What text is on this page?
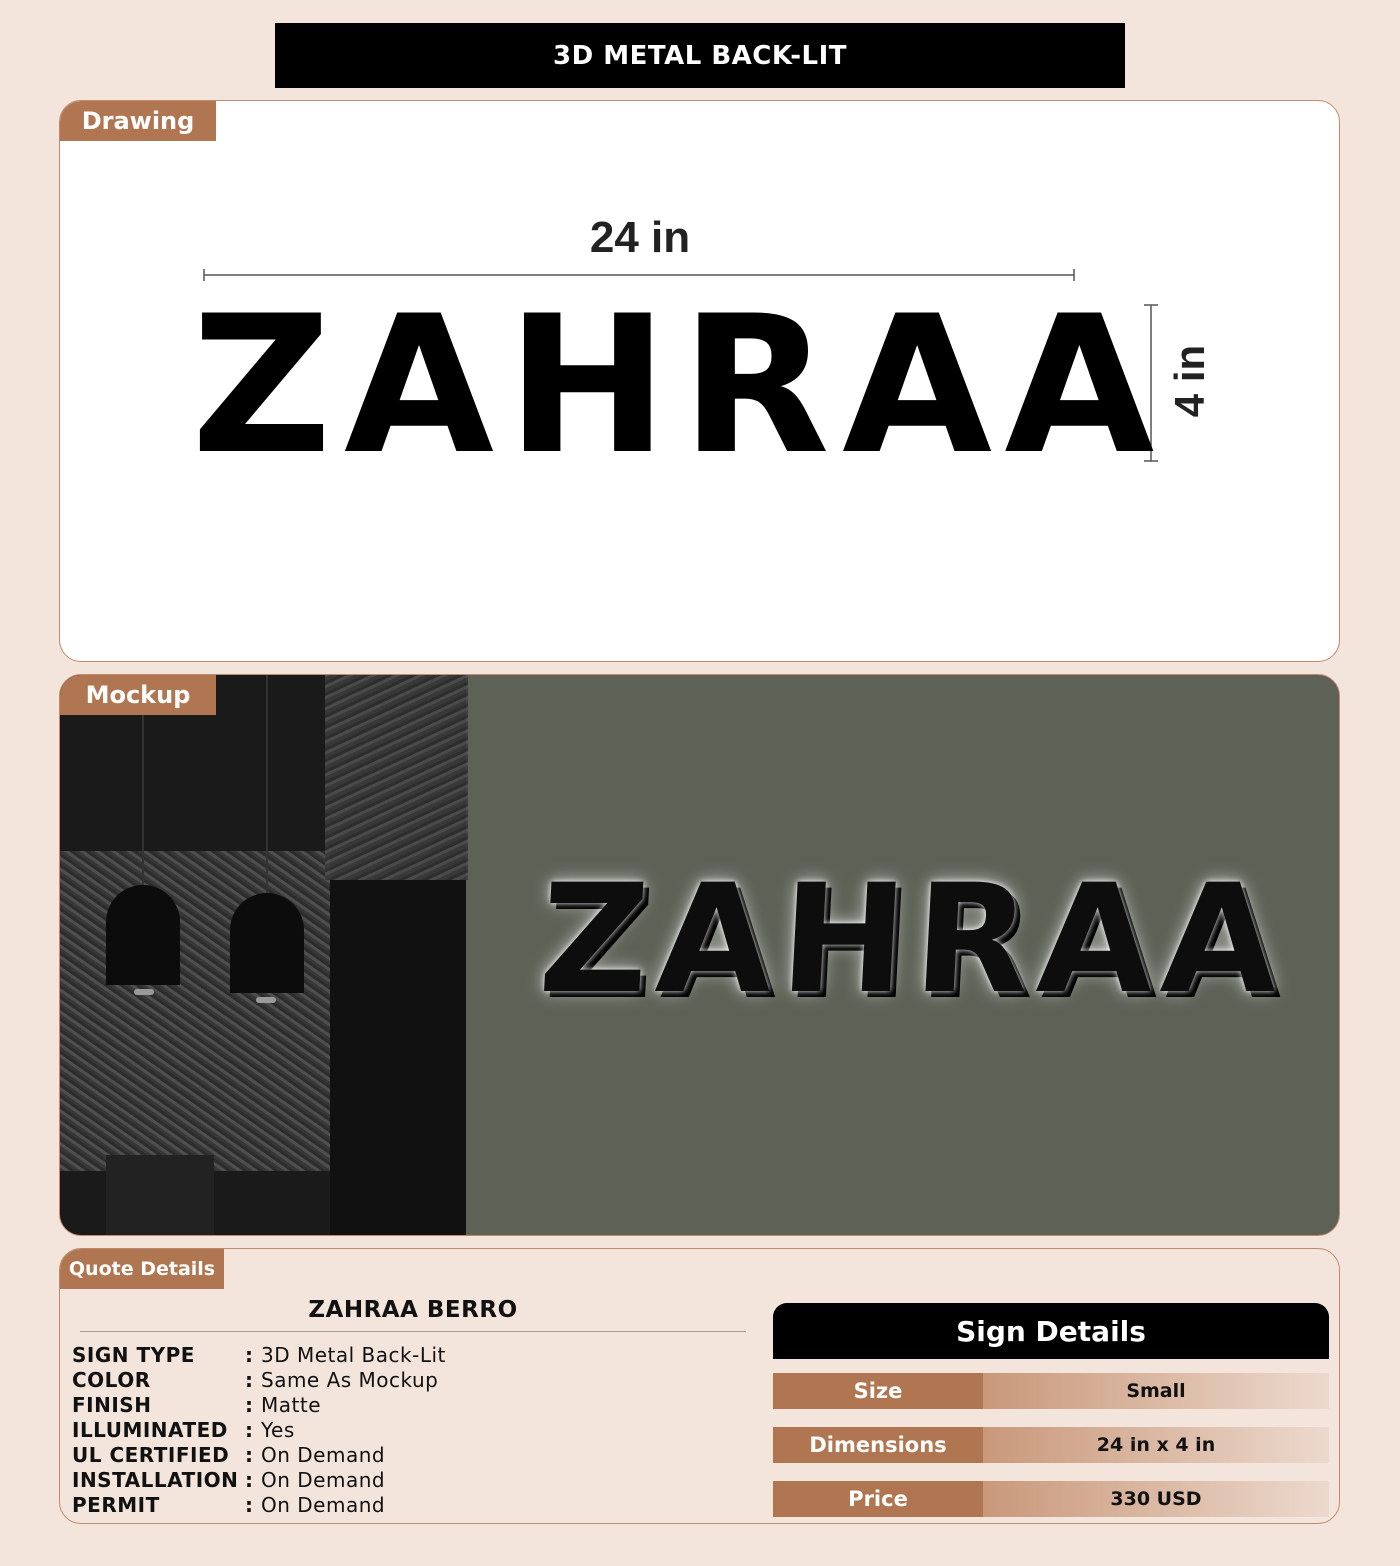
3D METAL BACK-LIT
Drawing
24 in
4 in
ZAHRAA
Mockup
ZAHRAA
Quote Details
ZAHRAA BERRO
SIGN TYPE	: 3D Metal Back-Lit
COLOR	: Same As Mockup
FINISH	: Matte
ILLUMINATED : Yes
UL CERTIFIED : On Demand
INSTALLATION : On Demand
PERMIT	: On Demand
Sign Details
Size	Small
Dimensions	24 in x 4 in
Price	330 USD
